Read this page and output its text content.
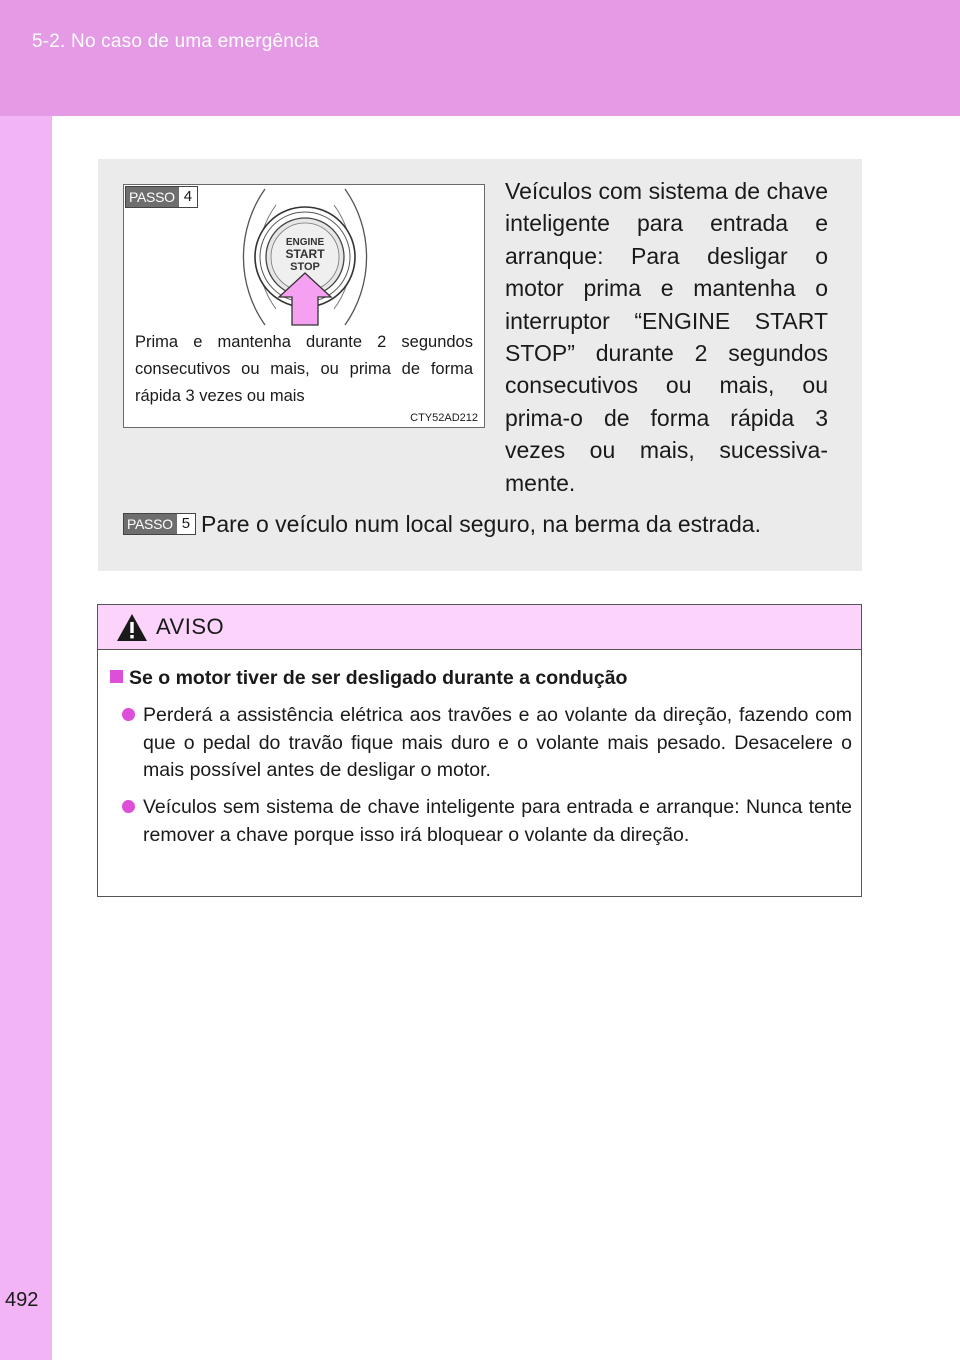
5-2. No caso de uma emergência
492
PASSO 4
ENGINE
START
STOP
Prima e mantenha durante 2 segundos consecutivos ou mais, ou prima de forma rápida 3 vezes ou mais
CTY52AD212
Veículos com sistema de chave inteligente para entrada e arranque: Para desligar o motor prima e mantenha o interruptor “ENGINE START STOP” durante 2 segundos consecutivos ou mais, ou prima-o de forma rápida 3 vezes ou mais, sucessiva- mente.
PASSO 5 Pare o veículo num local seguro, na berma da estrada.
AVISO
Se o motor tiver de ser desligado durante a condução
Perderá a assistência elétrica aos travões e ao volante da direção, fazendo com que o pedal do travão fique mais duro e o volante mais pesado. Desacelere o mais possível antes de desligar o motor.
Veículos sem sistema de chave inteligente para entrada e arranque: Nunca tente remover a chave porque isso irá bloquear o volante da direção.
